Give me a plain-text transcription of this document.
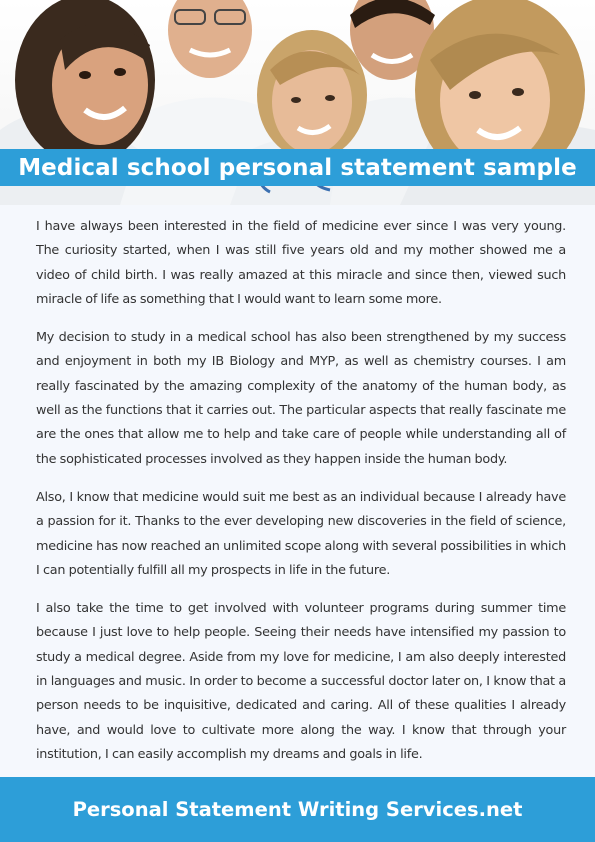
Medical school personal statement sample

I have always been interested in the field of medicine ever since I was very young. The curiosity started, when I was still five years old and my mother showed me a video of child birth. I was really amazed at this miracle and since then, viewed such miracle of life as something that I would want to learn some more.

My decision to study in a medical school has also been strengthened by my success and enjoyment in both my IB Biology and MYP, as well as chemistry courses. I am really fascinated by the amazing complexity of the anatomy of the human body, as well as the functions that it carries out. The particular aspects that really fascinate me are the ones that allow me to help and take care of people while understanding all of the sophisticated processes involved as they happen inside the human body.

Also, I know that medicine would suit me best as an individual because I already have a passion for it. Thanks to the ever developing new discoveries in the field of science, medicine has now reached an unlimited scope along with several possibilities in which I can potentially fulfill all my prospects in life in the future.

I also take the time to get involved with volunteer programs during summer time because I just love to help people. Seeing their needs have intensified my passion to study a medical degree. Aside from my love for medicine, I am also deeply interested in languages and music. In order to become a successful doctor later on, I know that a person needs to be inquisitive, dedicated and caring. All of these qualities I already have, and would love to cultivate more along the way. I know that through your institution, I can easily accomplish my dreams and goals in life.

Personal Statement Writing Services.net
